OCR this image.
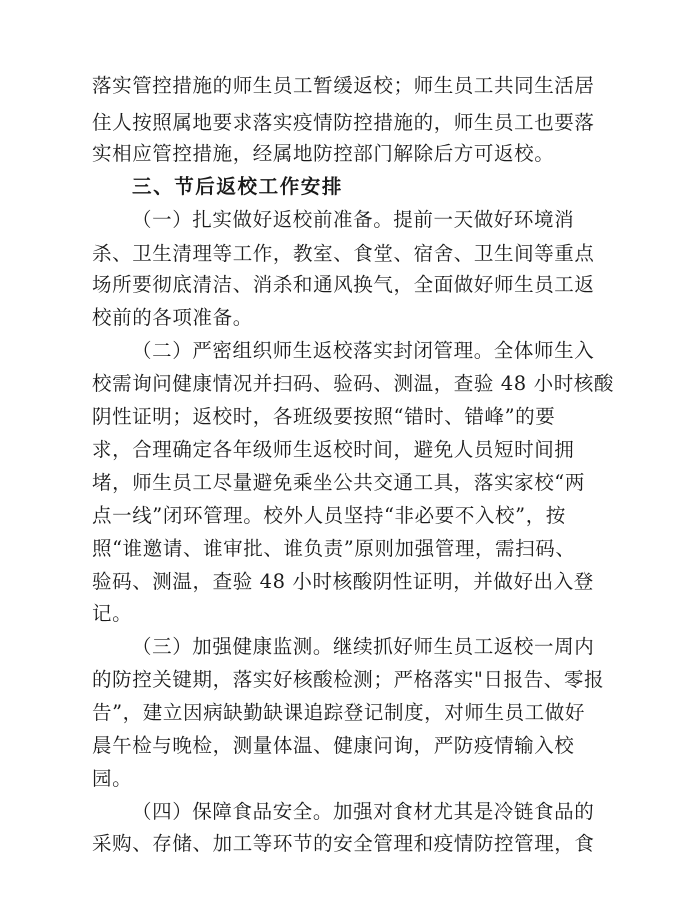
落实管控措施的师生员工暂缓返校；师生员工共同生活居
住人按照属地要求落实疫情防控措施的，师生员工也要落
实相应管控措施，经属地防控部门解除后方可返校。
三、节后返校工作安排
（一）扎实做好返校前准备。提前一天做好环境消
杀、卫生清理等工作，教室、食堂、宿舍、卫生间等重点
场所要彻底清洁、消杀和通风换气，全面做好师生员工返
校前的各项准备。
（二）严密组织师生返校落实封闭管理。全体师生入
校需询问健康情况并扫码、验码、测温，查验 48 小时核酸
阴性证明；返校时，各班级要按照“错时、错峰”的要
求，合理确定各年级师生返校时间，避免人员短时间拥
堵，师生员工尽量避免乘坐公共交通工具，落实家校“两
点一线”闭环管理。校外人员坚持“非必要不入校”，按
照“谁邀请、谁审批、谁负责”原则加强管理，需扫码、
验码、测温，查验 48 小时核酸阴性证明，并做好出入登
记。
（三）加强健康监测。继续抓好师生员工返校一周内
的防控关键期，落实好核酸检测；严格落实"日报告、零报
告”，建立因病缺勤缺课追踪登记制度，对师生员工做好
晨午检与晚检，测量体温、健康问询，严防疫情输入校
园。
（四）保障食品安全。加强对食材尤其是冷链食品的
采购、存储、加工等环节的安全管理和疫情防控管理，食
